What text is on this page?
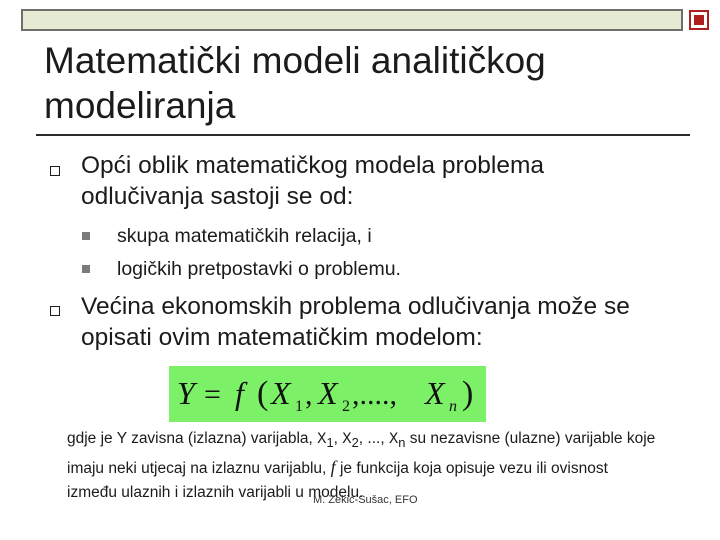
Matematički modeli analitičkog modeliranja
Opći oblik matematičkog modela problema odlučivanja sastoji se od:
skupa matematičkih relacija, i
logičkih pretpostavki o problemu.
Većina ekonomskih problema odlučivanja može se opisati ovim matematičkim modelom:
Y = f ( X 1 , X 2 ,...., X n )
gdje je Y zavisna (izlazna) varijabla, $X_1$, $X_2$, ..., $X_n$ su nezavisne (ulazne) varijable koje imaju neki utjecaj na izlaznu varijablu, f je funkcija koja opisuje vezu ili ovisnost između ulaznih i izlaznih varijabli u modelu.
M. Zekić-Sušac, EFO
